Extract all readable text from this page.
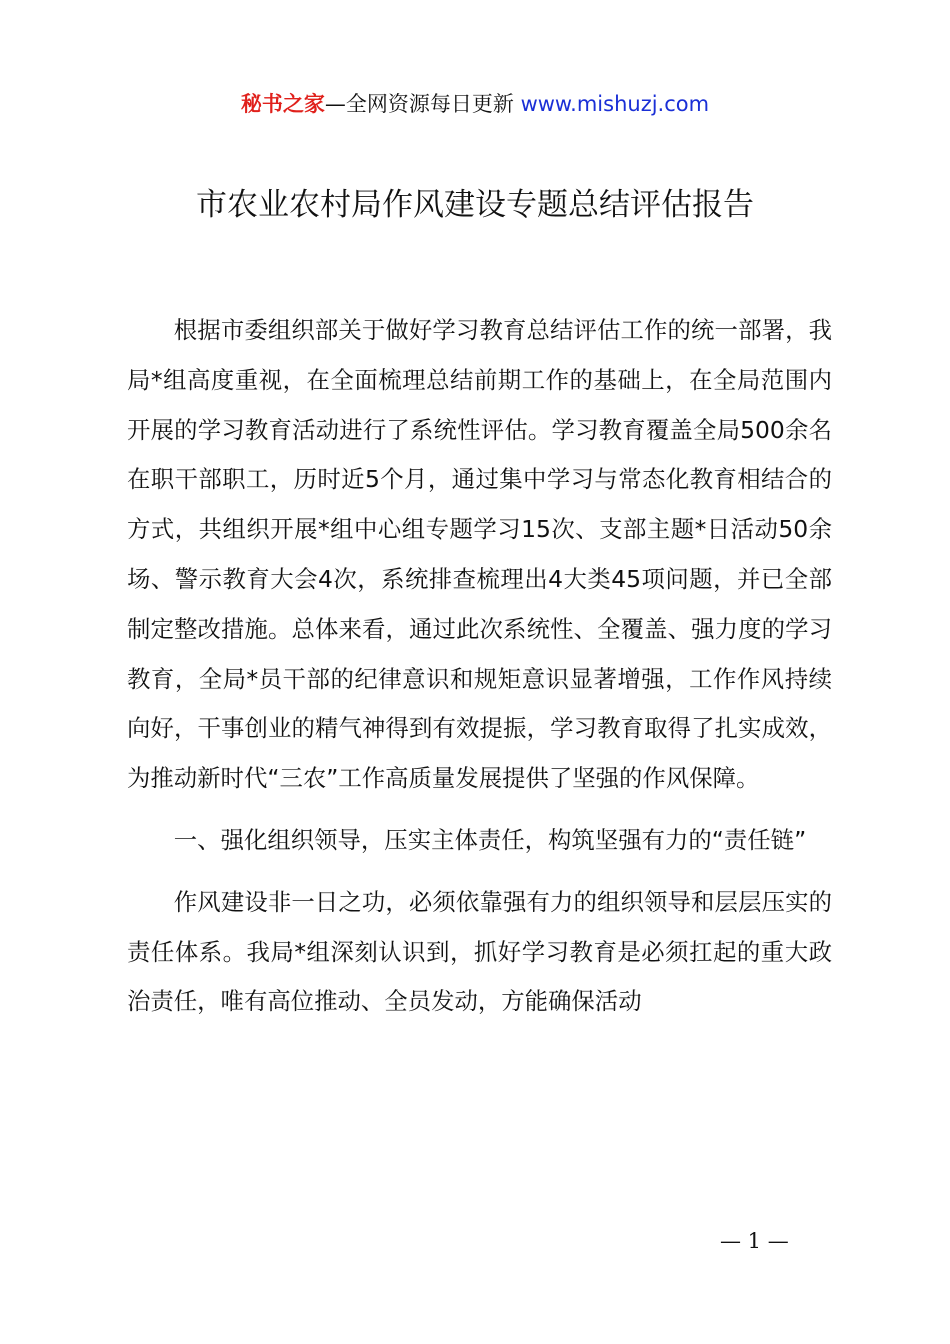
秘书之家—全网资源每日更新 www.mishuzj.com
市农业农村局作风建设专题总结评估报告

根据市委组织部关于做好学习教育总结评估工作的统一部署，我局*组高度重视，在全面梳理总结前期工作的基础上，在全局范围内开展的学习教育活动进行了系统性评估。学习教育覆盖全局500余名在职干部职工，历时近5个月，通过集中学习与常态化教育相结合的方式，共组织开展*组中心组专题学习15次、支部主题*日活动50余场、警示教育大会4次，系统排查梳理出4大类45项问题，并已全部制定整改措施。总体来看，通过此次系统性、全覆盖、强力度的学习教育，全局*员干部的纪律意识和规矩意识显著增强，工作作风持续向好，干事创业的精气神得到有效提振，学习教育取得了扎实成效，为推动新时代“三农”工作高质量发展提供了坚强的作风保障。

一、强化组织领导，压实主体责任，构筑坚强有力的“责任链”

作风建设非一日之功，必须依靠强有力的组织领导和层层压实的责任体系。我局*组深刻认识到，抓好学习教育是必须扛起的重大政治责任，唯有高位推动、全员发动，方能确保活动

— 1 —
